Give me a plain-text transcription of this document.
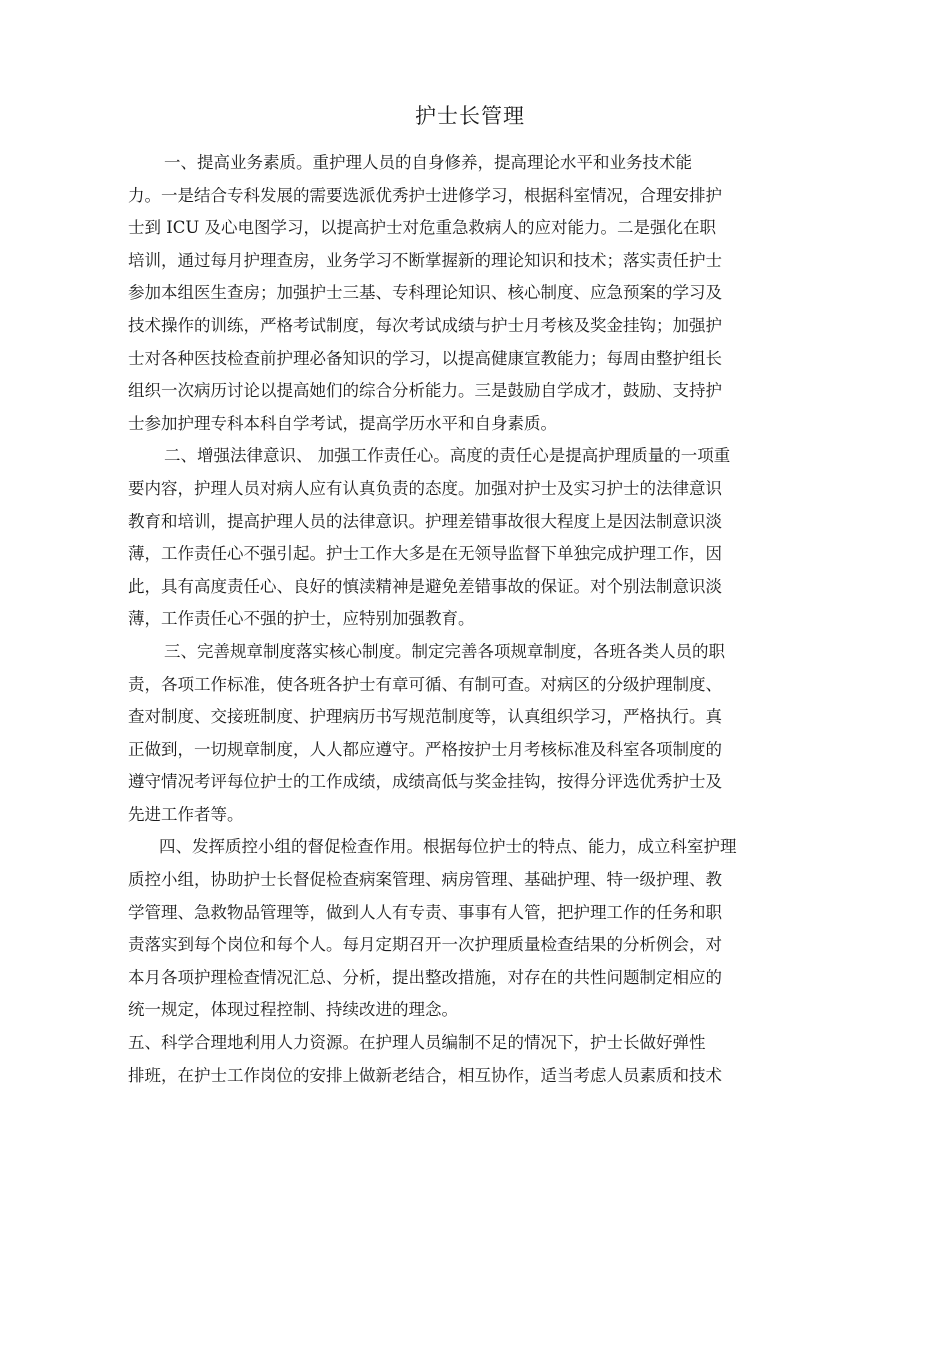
护士长管理

一、提高业务素质。重护理人员的自身修养，提高理论水平和业务技术能
力。一是结合专科发展的需要选派优秀护士进修学习，根据科室情况，合理安排护
士到 ICU 及心电图学习，以提高护士对危重急救病人的应对能力。二是强化在职
培训，通过每月护理查房，业务学习不断掌握新的理论知识和技术；落实责任护士
参加本组医生查房；加强护士三基、专科理论知识、核心制度、应急预案的学习及
技术操作的训练，严格考试制度，每次考试成绩与护士月考核及奖金挂钩；加强护
士对各种医技检查前护理必备知识的学习，以提高健康宣教能力；每周由整护组长
组织一次病历讨论以提高她们的综合分析能力。三是鼓励自学成才，鼓励、支持护
士参加护理专科本科自学考试，提高学历水平和自身素质。

二、增强法律意识、 加强工作责任心。高度的责任心是提高护理质量的一项重
要内容，护理人员对病人应有认真负责的态度。加强对护士及实习护士的法律意识
教育和培训，提高护理人员的法律意识。护理差错事故很大程度上是因法制意识淡
薄，工作责任心不强引起。护士工作大多是在无领导监督下单独完成护理工作，因
此，具有高度责任心、良好的慎渎精神是避免差错事故的保证。对个别法制意识淡
薄，工作责任心不强的护士，应特别加强教育。

三、完善规章制度落实核心制度。制定完善各项规章制度，各班各类人员的职
责，各项工作标准，使各班各护士有章可循、有制可查。对病区的分级护理制度、
查对制度、交接班制度、护理病历书写规范制度等，认真组织学习，严格执行。真
正做到，一切规章制度，人人都应遵守。严格按护士月考核标准及科室各项制度的
遵守情况考评每位护士的工作成绩，成绩高低与奖金挂钩，按得分评选优秀护士及
先进工作者等。

四、发挥质控小组的督促检查作用。根据每位护士的特点、能力，成立科室护理
质控小组，协助护士长督促检查病案管理、病房管理、基础护理、特一级护理、教
学管理、急救物品管理等，做到人人有专责、事事有人管，把护理工作的任务和职
责落实到每个岗位和每个人。每月定期召开一次护理质量检查结果的分析例会，对
本月各项护理检查情况汇总、分析，提出整改措施，对存在的共性问题制定相应的
统一规定，体现过程控制、持续改进的理念。

五、科学合理地利用人力资源。在护理人员编制不足的情况下，护士长做好弹性
排班，在护士工作岗位的安排上做新老结合，相互协作，适当考虑人员素质和技术
